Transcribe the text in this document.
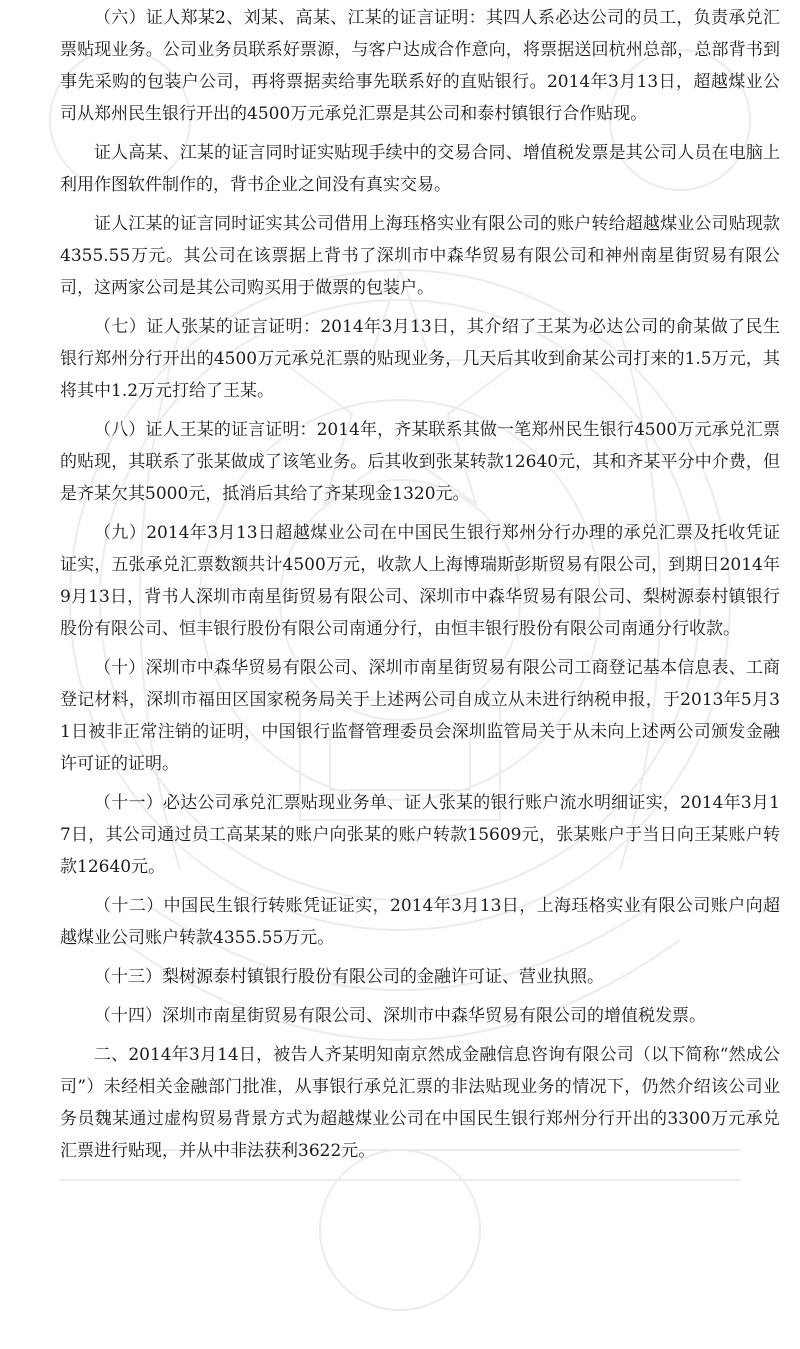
（六）证人郑某2、刘某、高某、江某的证言证明：其四人系必达公司的员工，负责承兑汇票贴现业务。公司业务员联系好票源，与客户达成合作意向，将票据送回杭州总部，总部背书到事先采购的包装户公司，再将票据卖给事先联系好的直贴银行。2014年3月13日，超越煤业公司从郑州民生银行开出的4500万元承兑汇票是其公司和泰村镇银行合作贴现。

证人高某、江某的证言同时证实贴现手续中的交易合同、增值税发票是其公司人员在电脑上利用作图软件制作的，背书企业之间没有真实交易。

证人江某的证言同时证实其公司借用上海珏格实业有限公司的账户转给超越煤业公司贴现款4355.55万元。其公司在该票据上背书了深圳市中森华贸易有限公司和神州南星街贸易有限公司，这两家公司是其公司购买用于做票的包装户。

（七）证人张某的证言证明：2014年3月13日，其介绍了王某为必达公司的俞某做了民生银行郑州分行开出的4500万元承兑汇票的贴现业务，几天后其收到俞某公司打来的1.5万元，其将其中1.2万元打给了王某。

（八）证人王某的证言证明：2014年，齐某联系其做一笔郑州民生银行4500万元承兑汇票的贴现，其联系了张某做成了该笔业务。后其收到张某转款12640元，其和齐某平分中介费，但是齐某欠其5000元，抵消后其给了齐某现金1320元。

（九）2014年3月13日超越煤业公司在中国民生银行郑州分行办理的承兑汇票及托收凭证证实，五张承兑汇票数额共计4500万元，收款人上海博瑞斯彭斯贸易有限公司，到期日2014年9月13日，背书人深圳市南星街贸易有限公司、深圳市中森华贸易有限公司、梨树源泰村镇银行股份有限公司、恒丰银行股份有限公司南通分行，由恒丰银行股份有限公司南通分行收款。

（十）深圳市中森华贸易有限公司、深圳市南星街贸易有限公司工商登记基本信息表、工商登记材料，深圳市福田区国家税务局关于上述两公司自成立从未进行纳税申报，于2013年5月31日被非正常注销的证明，中国银行监督管理委员会深圳监管局关于从未向上述两公司颁发金融许可证的证明。

（十一）必达公司承兑汇票贴现业务单、证人张某的银行账户流水明细证实，2014年3月17日，其公司通过员工高某某的账户向张某的账户转款15609元，张某账户于当日向王某账户转款12640元。

（十二）中国民生银行转账凭证证实，2014年3月13日，上海珏格实业有限公司账户向超越煤业公司账户转款4355.55万元。

（十三）梨树源泰村镇银行股份有限公司的金融许可证、营业执照。

（十四）深圳市南星街贸易有限公司、深圳市中森华贸易有限公司的增值税发票。

二、2014年3月14日，被告人齐某明知南京然成金融信息咨询有限公司（以下简称“然成公司”）未经相关金融部门批准，从事银行承兑汇票的非法贴现业务的情况下，仍然介绍该公司业务员魏某通过虚构贸易背景方式为超越煤业公司在中国民生银行郑州分行开出的3300万元承兑汇票进行贴现，并从中非法获利3622元。
